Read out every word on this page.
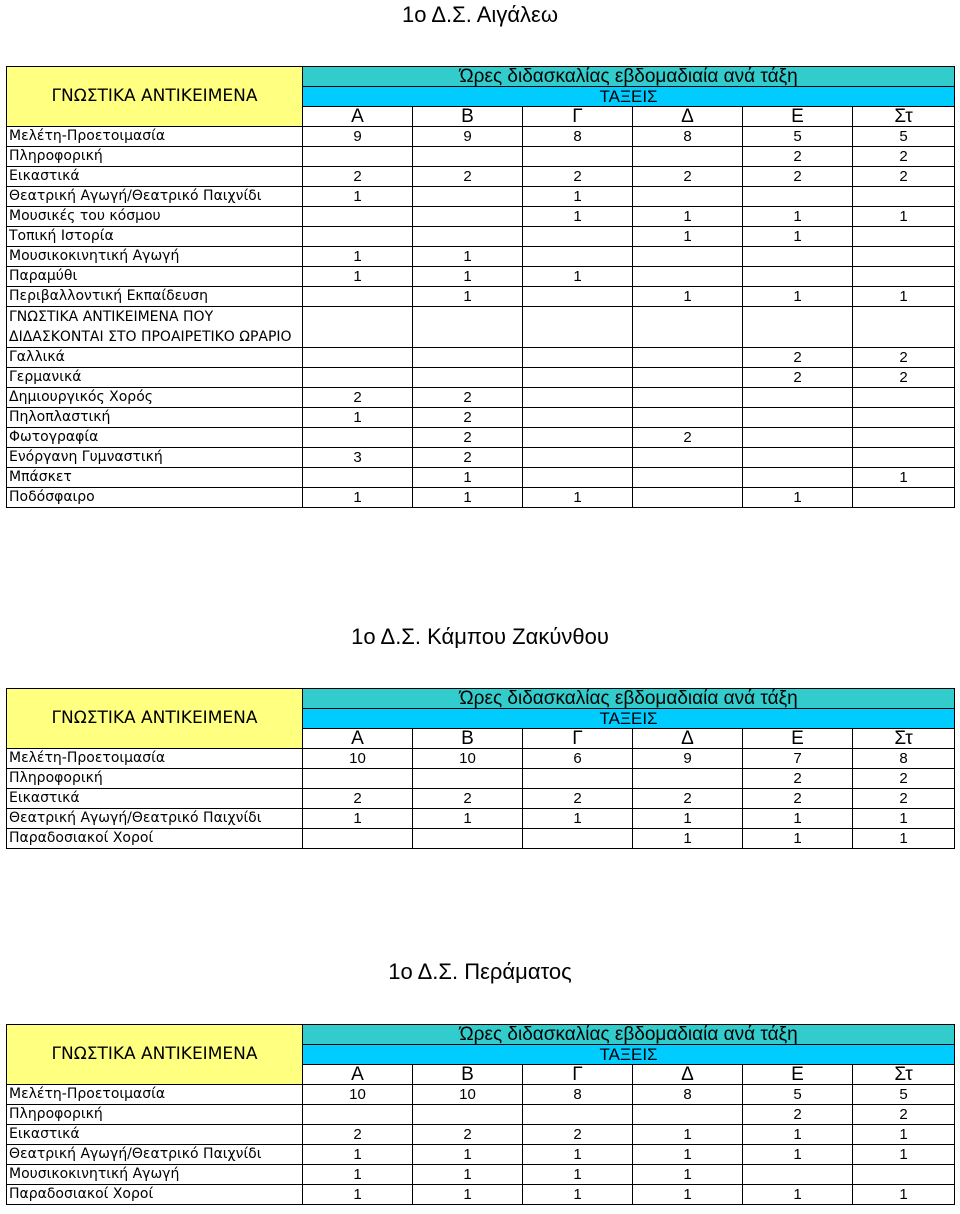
1ο Δ.Σ. Αιγάλεω
ΓΝΩΣΤΙΚΑ ΑΝΤΙΚΕΙΜΕΝΑ	Ώρες διδασκαλίας εβδομαδιαία ανά τάξη					
	ΤΑΞΕΙΣ					
	Α	Β	Γ	Δ	Ε	Στ
Μελέτη-Προετοιμασία	9	9	8	8	5	5
Πληροφορική					2	2
Εικαστικά	2	2	2	2	2	2
Θεατρική Αγωγή/Θεατρικό Παιχνίδι	1		1			
Μουσικές του κόσμου			1	1	1	1
Τοπική Ιστορία				1	1	
Μουσικοκινητική Αγωγή	1	1				
Παραμύθι	1	1	1			
Περιβαλλοντική Εκπαίδευση		1		1	1	1
ΓΝΩΣΤΙΚΑ ΑΝΤΙΚΕΙΜΕΝΑ ΠΟΥ ΔΙΔΑΣΚΟΝΤΑΙ ΣΤΟ ΠΡΟΑΙΡΕΤΙΚΟ ΩΡΑΡΙΟ						
Γαλλικά					2	2
Γερμανικά					2	2
Δημιουργικός Χορός	2	2				
Πηλοπλαστική	1	2				
Φωτογραφία		2		2		
Ενόργανη Γυμναστική	3	2				
Μπάσκετ		1				1
Ποδόσφαιρο	1	1	1		1	
1ο Δ.Σ. Κάμπου Ζακύνθου
ΓΝΩΣΤΙΚΑ ΑΝΤΙΚΕΙΜΕΝΑ	Ώρες διδασκαλίας εβδομαδιαία ανά τάξη					
	ΤΑΞΕΙΣ					
	Α	Β	Γ	Δ	Ε	Στ
Μελέτη-Προετοιμασία	10	10	6	9	7	8
Πληροφορική					2	2
Εικαστικά	2	2	2	2	2	2
Θεατρική Αγωγή/Θεατρικό Παιχνίδι	1	1	1	1	1	1
Παραδοσιακοί Χοροί				1	1	1
1ο Δ.Σ. Περάματος
ΓΝΩΣΤΙΚΑ ΑΝΤΙΚΕΙΜΕΝΑ	Ώρες διδασκαλίας εβδομαδιαία ανά τάξη					
	ΤΑΞΕΙΣ					
	Α	Β	Γ	Δ	Ε	Στ
Μελέτη-Προετοιμασία	10	10	8	8	5	5
Πληροφορική					2	2
Εικαστικά	2	2	2	1	1	1
Θεατρική Αγωγή/Θεατρικό Παιχνίδι	1	1	1	1	1	1
Μουσικοκινητική Αγωγή	1	1	1	1		
Παραδοσιακοί Χοροί	1	1	1	1	1	1
